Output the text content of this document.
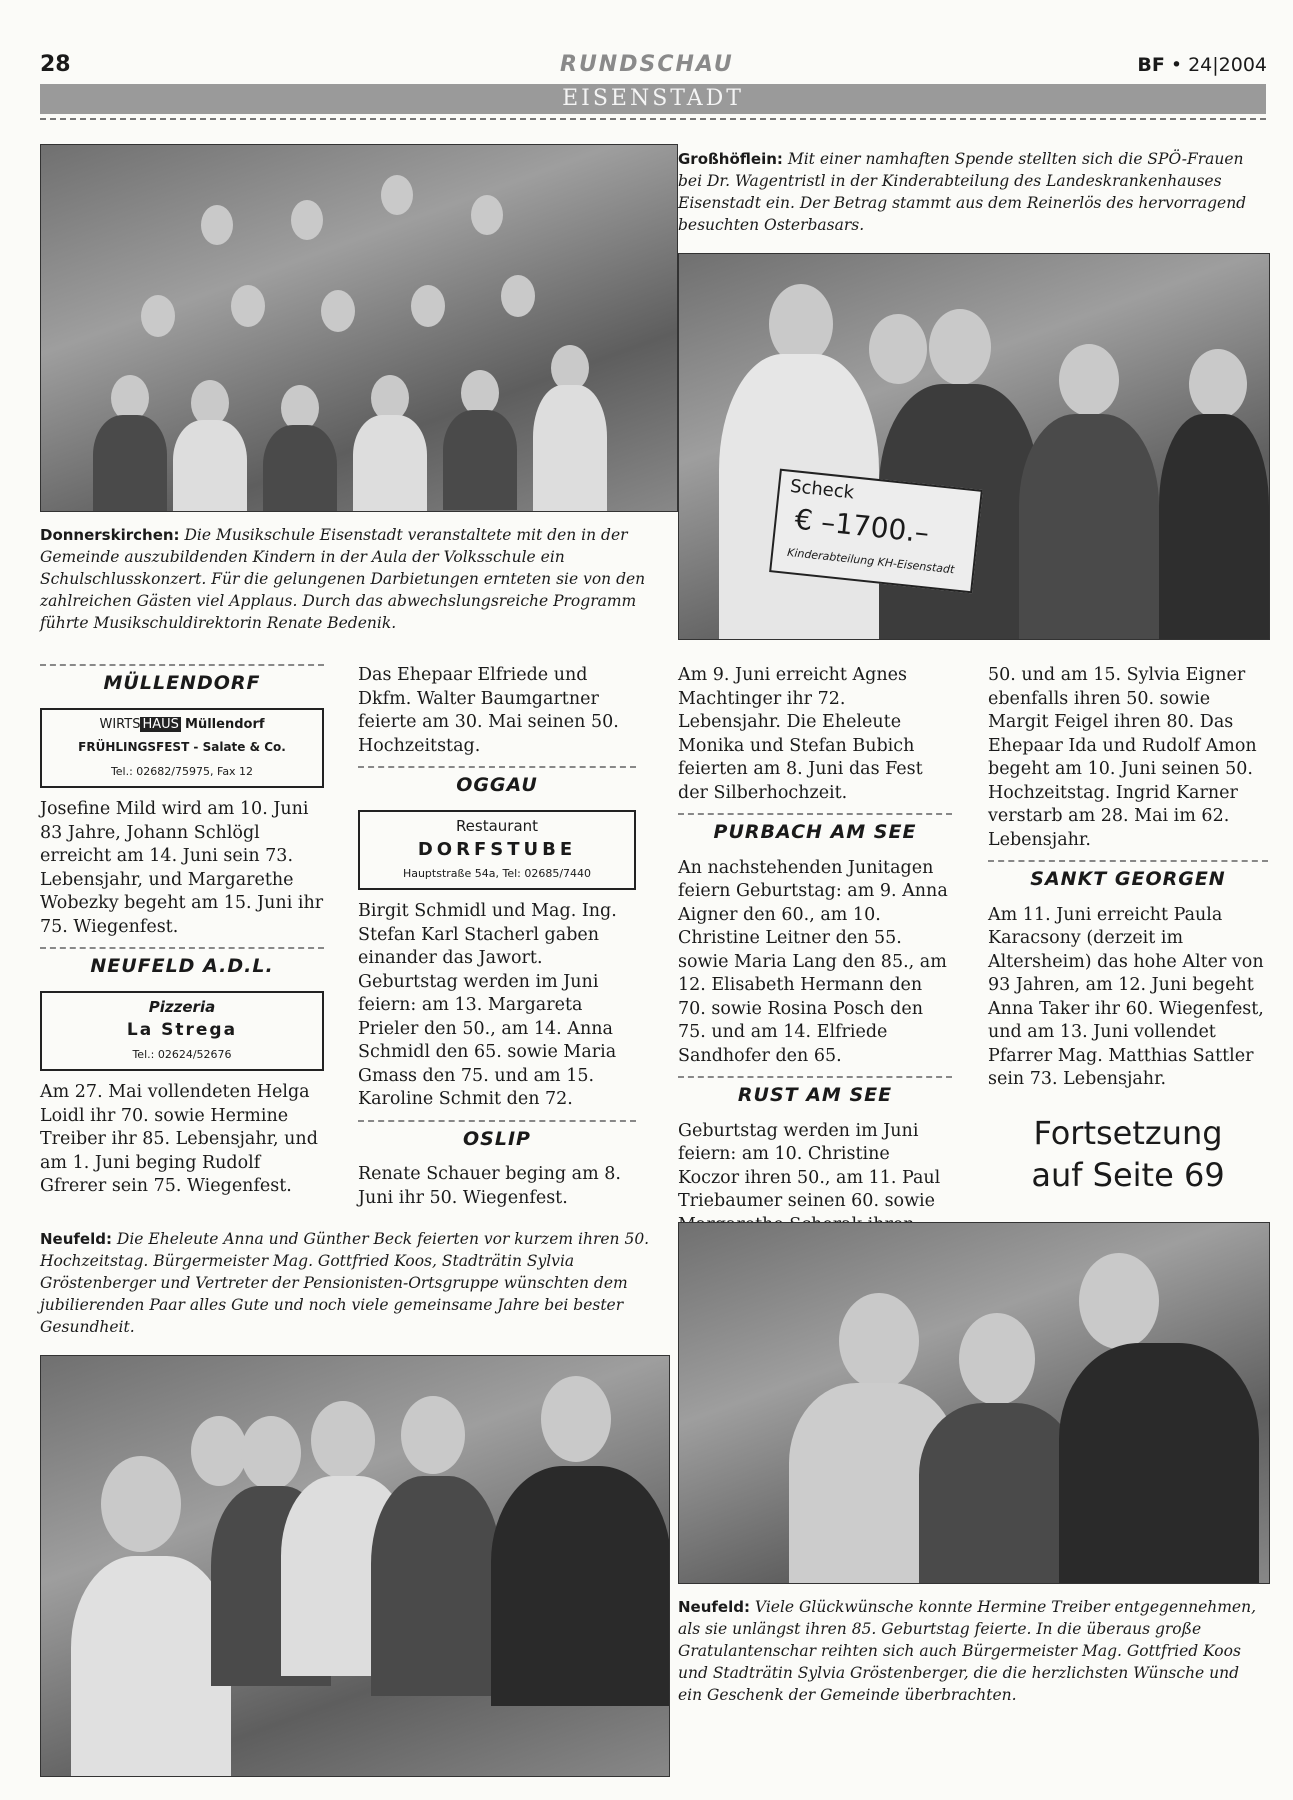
28	RUNDSCHAU	BF • 24|2004
EISENSTADT
Scheck
€ –1700.–
Kinderabteilung KH-Eisenstadt
Großhöflein: Mit einer namhaften Spende stellten sich die SPÖ-Frauen bei Dr. Wagentristl in der Kinderabteilung des Landeskrankenhauses Eisenstadt ein. Der Betrag stammt aus dem Reinerlös des hervorragend besuchten Osterbasars.
Donnerskirchen: Die Musikschule Eisenstadt veranstaltete mit den in der Gemeinde auszubildenden Kindern in der Aula der Volksschule ein Schulschlusskonzert. Für die gelungenen Darbietungen ernteten sie von den zahlreichen Gästen viel Applaus. Durch das abwechslungsreiche Programm führte Musikschuldirektorin Renate Bedenik.
MÜLLENDORF
WIRTS HAUS Müllendorf
FRÜHLINGSFEST - Salate & Co.
Tel.: 02682/75975, Fax 12

Josefine Mild wird am 10. Juni 83 Jahre, Johann Schlögl erreicht am 14. Juni sein 73. Lebensjahr, und Margarethe Wobezky begeht am 15. Juni ihr 75. Wiegenfest.

NEUFELD A.D.L.
Pizzeria
La Strega
Tel.: 02624/52676

Am 27. Mai vollendeten Helga Loidl ihr 70. sowie Hermine Treiber ihr 85. Lebensjahr, und am 1. Juni beging Rudolf Gfrerer sein 75. Wiegenfest.

Das Ehepaar Elfriede und Dkfm. Walter Baumgartner feierte am 30. Mai seinen 50. Hochzeitstag.

OGGAU
Restaurant
DORFSTUBE
Hauptstraße 54a, Tel: 02685/7440

Birgit Schmidl und Mag. Ing. Stefan Karl Stacherl gaben einander das Jawort. Geburtstag werden im Juni feiern: am 13. Margareta Prieler den 50., am 14. Anna Schmidl den 65. sowie Maria Gmass den 75. und am 15. Karoline Schmit den 72.

OSLIP

Renate Schauer beging am 8. Juni ihr 50. Wiegenfest.

Am 9. Juni erreicht Agnes Machtinger ihr 72. Lebensjahr. Die Eheleute Monika und Stefan Bubich feierten am 8. Juni das Fest der Silberhochzeit.

PURBACH AM SEE

An nachstehenden Junitagen feiern Geburtstag: am 9. Anna Aigner den 60., am 10. Christine Leitner den 55. sowie Maria Lang den 85., am 12. Elisabeth Hermann den 70. sowie Rosina Posch den 75. und am 14. Elfriede Sandhofer den 65.

RUST AM SEE

Geburtstag werden im Juni feiern: am 10. Christine Koczor ihren 50., am 11. Paul Triebaumer seinen 60. sowie

50. und am 15. Sylvia Eigner ebenfalls ihren 50. sowie Margit Feigel ihren 80. Das Ehepaar Ida und Rudolf Amon begeht am 10. Juni seinen 50. Hochzeitstag. Ingrid Karner verstarb am 28. Mai im 62. Lebensjahr.

SANKT GEORGEN

Am 11. Juni erreicht Paula Karacsony (derzeit im Altersheim) das hohe Alter von 93 Jahren, am 12. Juni begeht Anna Taker ihr 60. Wiegenfest, und am 13. Juni vollendet Pfarrer Mag. Matthias Sattler sein 73. Lebensjahr.

Fortsetzung
auf Seite 69
Neufeld: Die Eheleute Anna und Günther Beck feierten vor kurzem ihren 50. Hochzeitstag. Bürgermeister Mag. Gottfried Koos, Stadträtin Sylvia Gröstenberger und Vertreter der Pensionisten-Ortsgruppe wünschten dem jubilierenden Paar alles Gute und noch viele gemeinsame Jahre bei bester Gesundheit.
Neufeld: Viele Glückwünsche konnte Hermine Treiber entgegennehmen, als sie unlängst ihren 85. Geburtstag feierte. In die überaus große Gratulantenschar reihten sich auch Bürgermeister Mag. Gottfried Koos und Stadträtin Sylvia Gröstenberger, die die herzlichsten Wünsche und ein Geschenk der Gemeinde überbrachten.
